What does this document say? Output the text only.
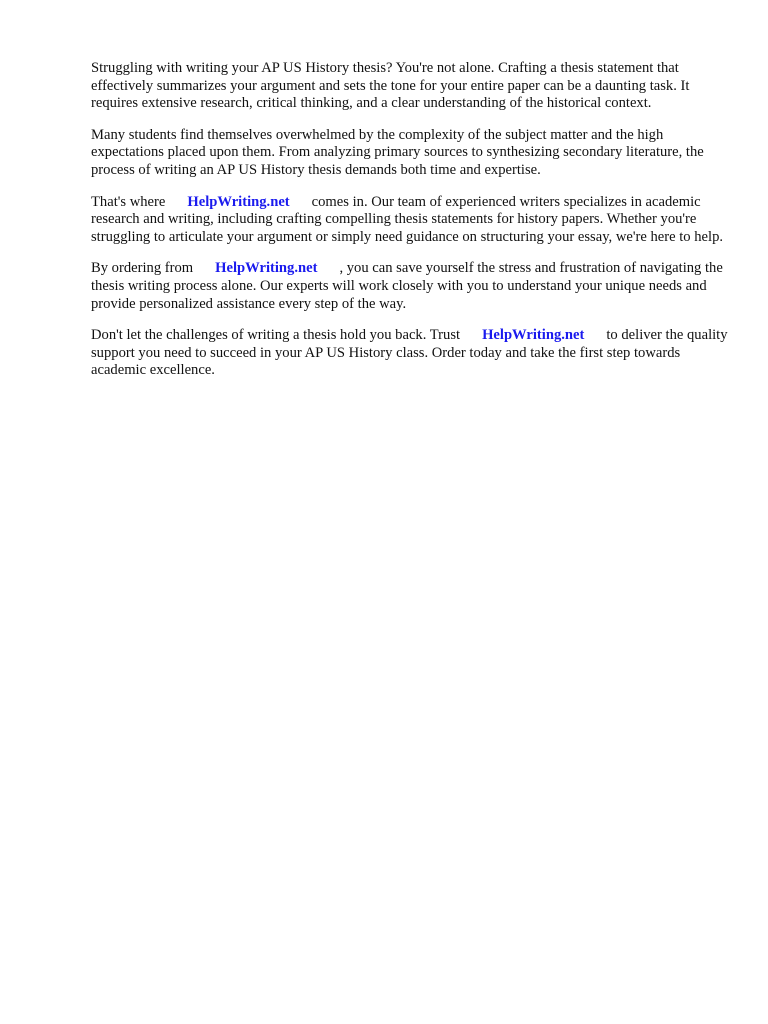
Struggling with writing your AP US History thesis? You're not alone. Crafting a thesis statement that effectively summarizes your argument and sets the tone for your entire paper can be a daunting task. It requires extensive research, critical thinking, and a clear understanding of the historical context.

Many students find themselves overwhelmed by the complexity of the subject matter and the high expectations placed upon them. From analyzing primary sources to synthesizing secondary literature, the process of writing an AP US History thesis demands both time and expertise.

That's where HelpWriting.net comes in. Our team of experienced writers specializes in academic research and writing, including crafting compelling thesis statements for history papers. Whether you're struggling to articulate your argument or simply need guidance on structuring your essay, we're here to help.

By ordering from HelpWriting.net , you can save yourself the stress and frustration of navigating the thesis writing process alone. Our experts will work closely with you to understand your unique needs and provide personalized assistance every step of the way.

Don't let the challenges of writing a thesis hold you back. Trust HelpWriting.net to deliver the quality support you need to succeed in your AP US History class. Order today and take the first step towards academic excellence.
